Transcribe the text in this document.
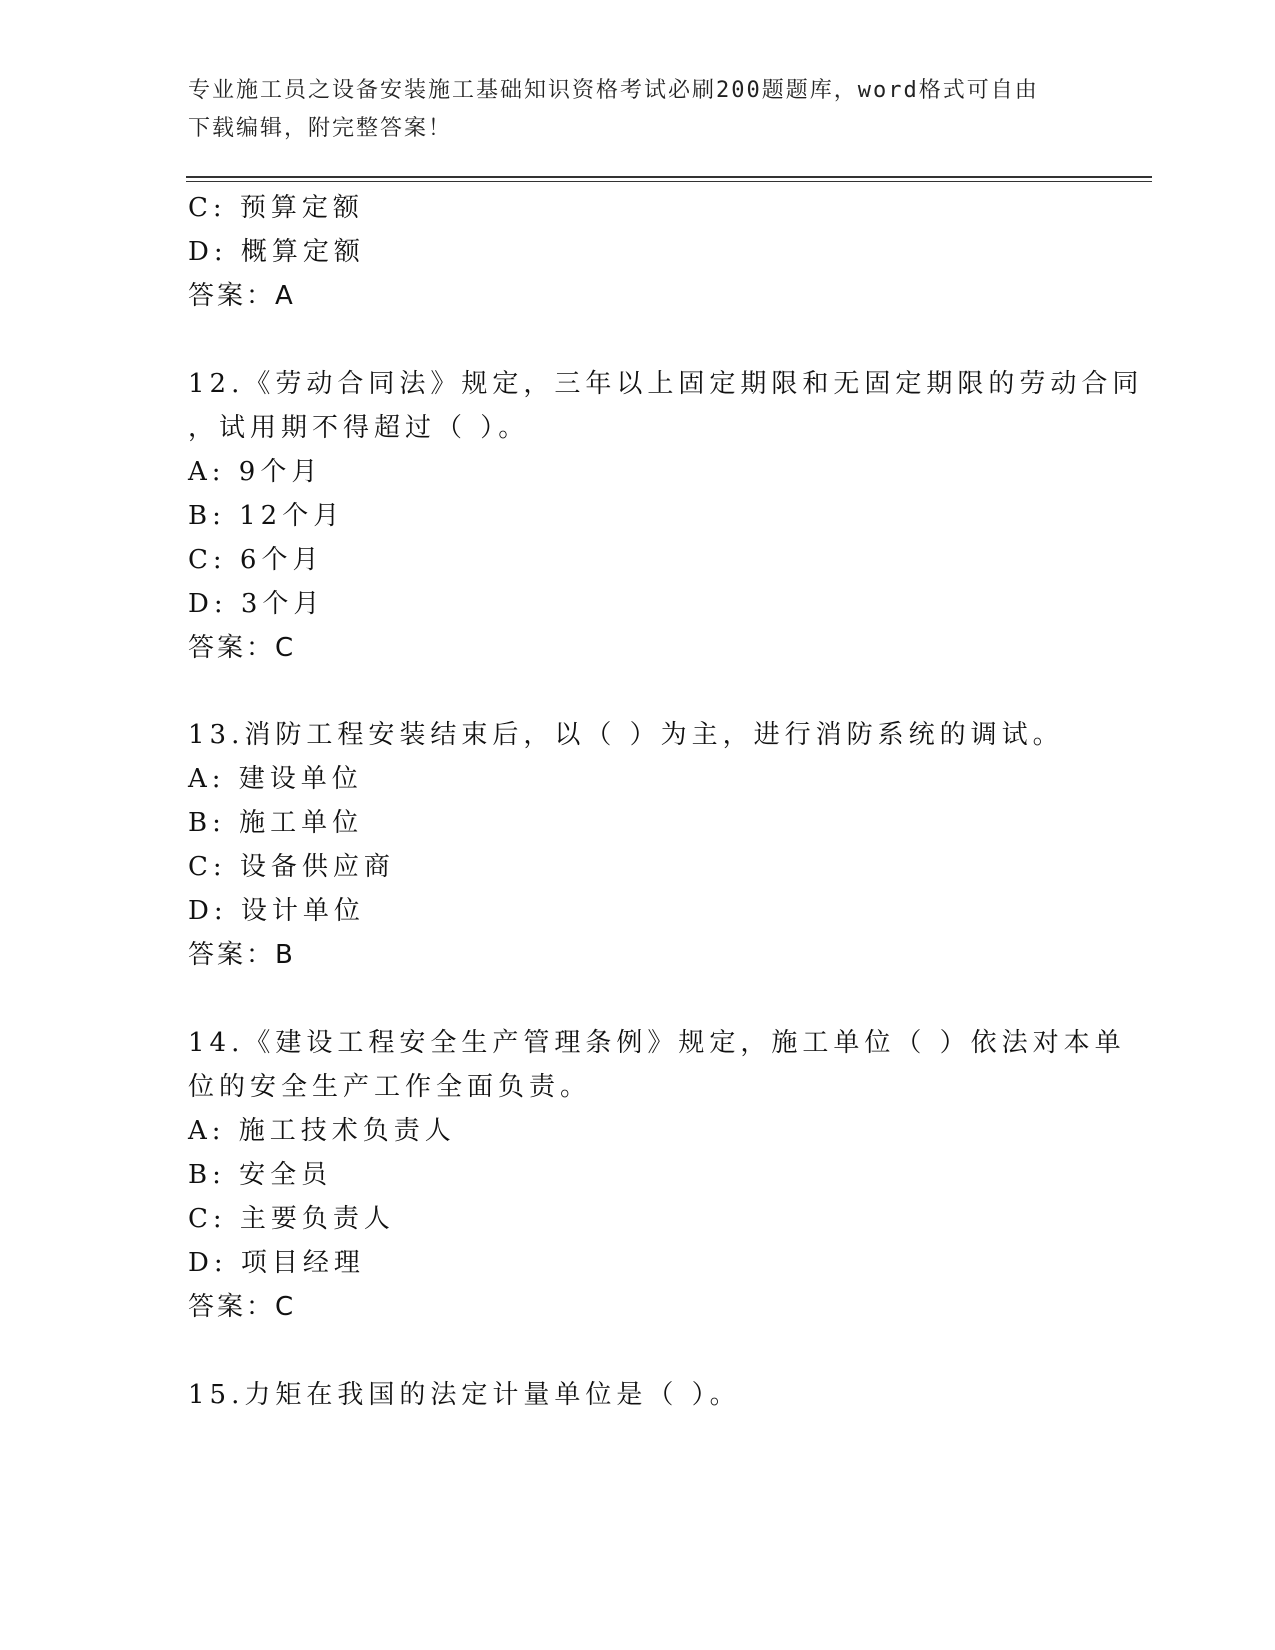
专业施工员之设备安装施工基础知识资格考试必刷200题题库，word格式可自由
下载编辑，附完整答案！
C: 预算定额
D: 概算定额
答案：A
12.《劳动合同法》规定，三年以上固定期限和无固定期限的劳动合同
，试用期不得超过（ ）。
A: 9个月
B: 12个月
C: 6个月
D: 3个月
答案：C
13.消防工程安装结束后，以（ ）为主，进行消防系统的调试。
A: 建设单位
B: 施工单位
C: 设备供应商
D: 设计单位
答案：B
14.《建设工程安全生产管理条例》规定，施工单位（ ）依法对本单
位的安全生产工作全面负责。
A: 施工技术负责人
B: 安全员
C: 主要负责人
D: 项目经理
答案：C
15.力矩在我国的法定计量单位是（ ）。
